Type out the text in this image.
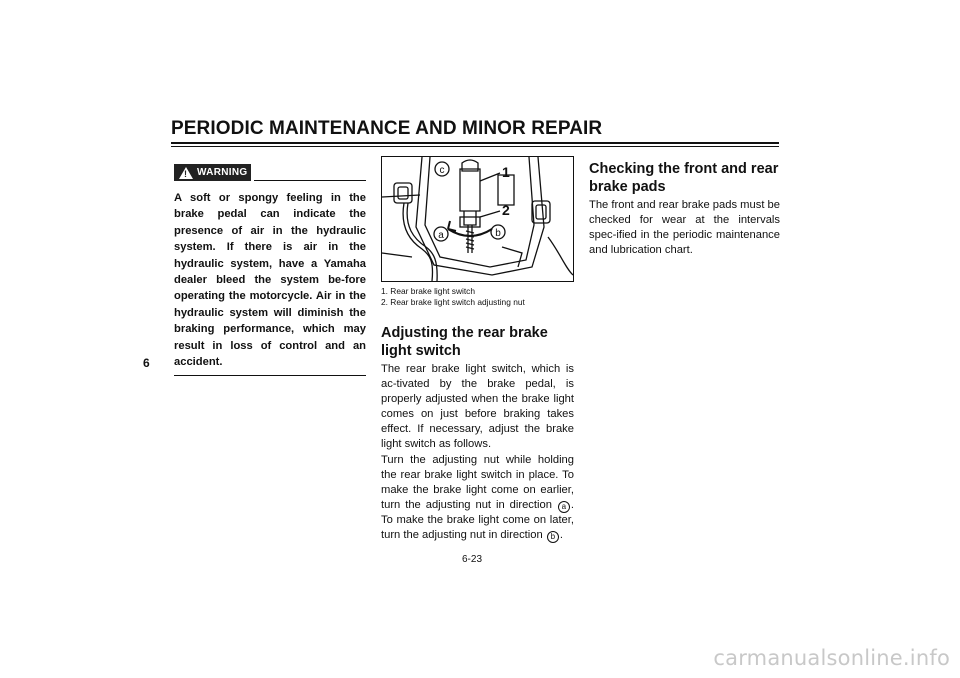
PERIODIC MAINTENANCE AND MINOR REPAIR
6
! WARNING

A soft or spongy feeling in the brake pedal can indicate the presence of air in the hydraulic system. If there is air in the hydraulic system, have a Yamaha dealer bleed the system be-fore operating the motorcycle. Air in the hydraulic system will diminish the braking performance, which may result in loss of control and an accident.

1
2
a	b
c
1. Rear brake light switch
2. Rear brake light switch adjusting nut
Adjusting the rear brake light switch

The rear brake light switch, which is ac-tivated by the brake pedal, is properly adjusted when the brake light comes on just before braking takes effect. If necessary, adjust the brake light switch as follows.

Turn the adjusting nut while holding the rear brake light switch in place. To make the brake light come on earlier, turn the adjusting nut in direction a . To make the brake light come on later, turn the adjusting nut in direction b .

Checking the front and rear brake pads

The front and rear brake pads must be checked for wear at the intervals spec-ified in the periodic maintenance and lubrication chart.

6-23
carmanualsonline.info
